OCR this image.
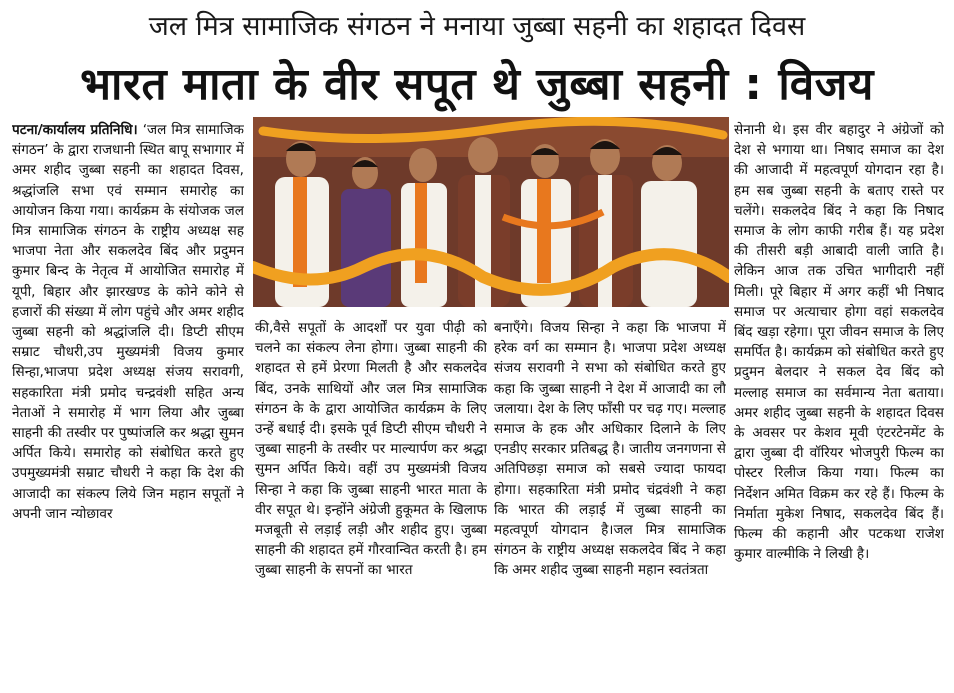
जल मित्र सामाजिक संगठन ने मनाया जुब्बा सहनी का शहादत दिवस
भारत माता के वीर सपूत थे जुब्बा सहनी : विजय

पटना/कार्यालय प्रतिनिधि। ‘जल मित्र सामाजिक संगठन’ के द्वारा राजधानी स्थित बापू सभागार में अमर शहीद जुब्बा सहनी का शहादत दिवस, श्रद्धांजलि सभा एवं सम्मान समारोह का आयोजन किया गया। कार्यक्रम के संयोजक जल मित्र सामाजिक संगठन के राष्ट्रीय अध्यक्ष सह भाजपा नेता और सकलदेव बिंद और प्रदुमन कुमार बिन्द के नेतृत्व में आयोजित समारोह में यूपी, बिहार और झारखण्ड के कोने कोने से हजारों की संख्या में लोग पहुंचे और अमर शहीद जुब्बा सहनी को श्रद्धांजलि दी। डिप्टी सीएम सम्राट चौधरी,उप मुख्यमंत्री विजय कुमार सिन्हा,भाजपा प्रदेश अध्यक्ष संजय सरावगी, सहकारिता मंत्री प्रमोद चन्द्रवंशी सहित अन्य नेताओं ने समारोह में भाग लिया और जुब्बा साहनी की तस्वीर पर पुष्पांजलि कर श्रद्धा सुमन अर्पित किये। समारोह को संबोधित करते हुए उपमुख्यमंत्री सम्राट चौधरी ने कहा कि देश की आजादी का संकल्प लिये जिन महान सपूतों ने अपनी जान न्योछावर

की,वैसे सपूतों के आदर्शों पर युवा पीढ़ी को चलने का संकल्प लेना होगा। जुब्बा साहनी की शहादत से हमें प्रेरणा मिलती है और सकलदेव बिंद, उनके साथियों और जल मित्र सामाजिक संगठन के के द्वारा आयोजित कार्यक्रम के लिए उन्हें बधाई दी। इसके पूर्व डिप्टी सीएम चौधरी ने जुब्बा साहनी के तस्वीर पर माल्यार्पण कर श्रद्धा सुमन अर्पित किये। वहीं उप मुख्यमंत्री विजय सिन्हा ने कहा कि जुब्बा साहनी भारत माता के वीर सपूत थे। इन्होंने अंग्रेजी हुकूमत के खिलाफ मजबूती से लड़ाई लड़ी और शहीद हुए। जुब्बा साहनी की शहादत हमें गौरवान्वित करती है। हम जुब्बा साहनी के सपनों का भारत

बनाएँगे। विजय सिन्हा ने कहा कि भाजपा में हरेक वर्ग का सम्मान है। भाजपा प्रदेश अध्यक्ष संजय सरावगी ने सभा को संबोधित करते हुए कहा कि जुब्बा साहनी ने देश में आजादी का लौ जलाया। देश के लिए फाँसी पर चढ़ गए। मल्लाह समाज के हक और अधिकार दिलाने के लिए एनडीए सरकार प्रतिबद्ध है। जातीय जनगणना से अतिपिछड़ा समाज को सबसे ज्यादा फायदा होगा। सहकारिता मंत्री प्रमोद चंद्रवंशी ने कहा कि भारत की लड़ाई में जुब्बा साहनी का महत्वपूर्ण योगदान है।जल मित्र सामाजिक संगठन के राष्ट्रीय अध्यक्ष सकलदेव बिंद ने कहा कि अमर शहीद जुब्बा साहनी महान स्वतंत्रता

सेनानी थे। इस वीर बहादुर ने अंग्रेजों को देश से भगाया था। निषाद समाज का देश की आजादी में महत्वपूर्ण योगदान रहा है। हम सब जुब्बा सहनी के बताए रास्ते पर चलेंगे। सकलदेव बिंद ने कहा कि निषाद समाज के लोग काफी गरीब हैं। यह प्रदेश की तीसरी बड़ी आबादी वाली जाति है। लेकिन आज तक उचित भागीदारी नहीं मिली। पूरे बिहार में अगर कहीं भी निषाद समाज पर अत्याचार होगा वहां सकलदेव बिंद खड़ा रहेगा। पूरा जीवन समाज के लिए समर्पित है। कार्यक्रम को संबोधित करते हुए प्रदुमन बेलदार ने सकल देव बिंद को मल्लाह समाज का सर्वमान्य नेता बताया। अमर शहीद जुब्बा सहनी के शहादत दिवस के अवसर पर केशव मूवी एंटरटेनमेंट के द्वारा जुब्बा दी वॉरियर भोजपुरी फिल्म का पोस्टर रिलीज किया गया। फिल्म का निर्देशन अमित विक्रम कर रहे हैं। फिल्म के निर्माता मुकेश निषाद, सकलदेव बिंद हैं। फिल्म की कहानी और पटकथा राजेश कुमार वाल्मीकि ने लिखी है।
